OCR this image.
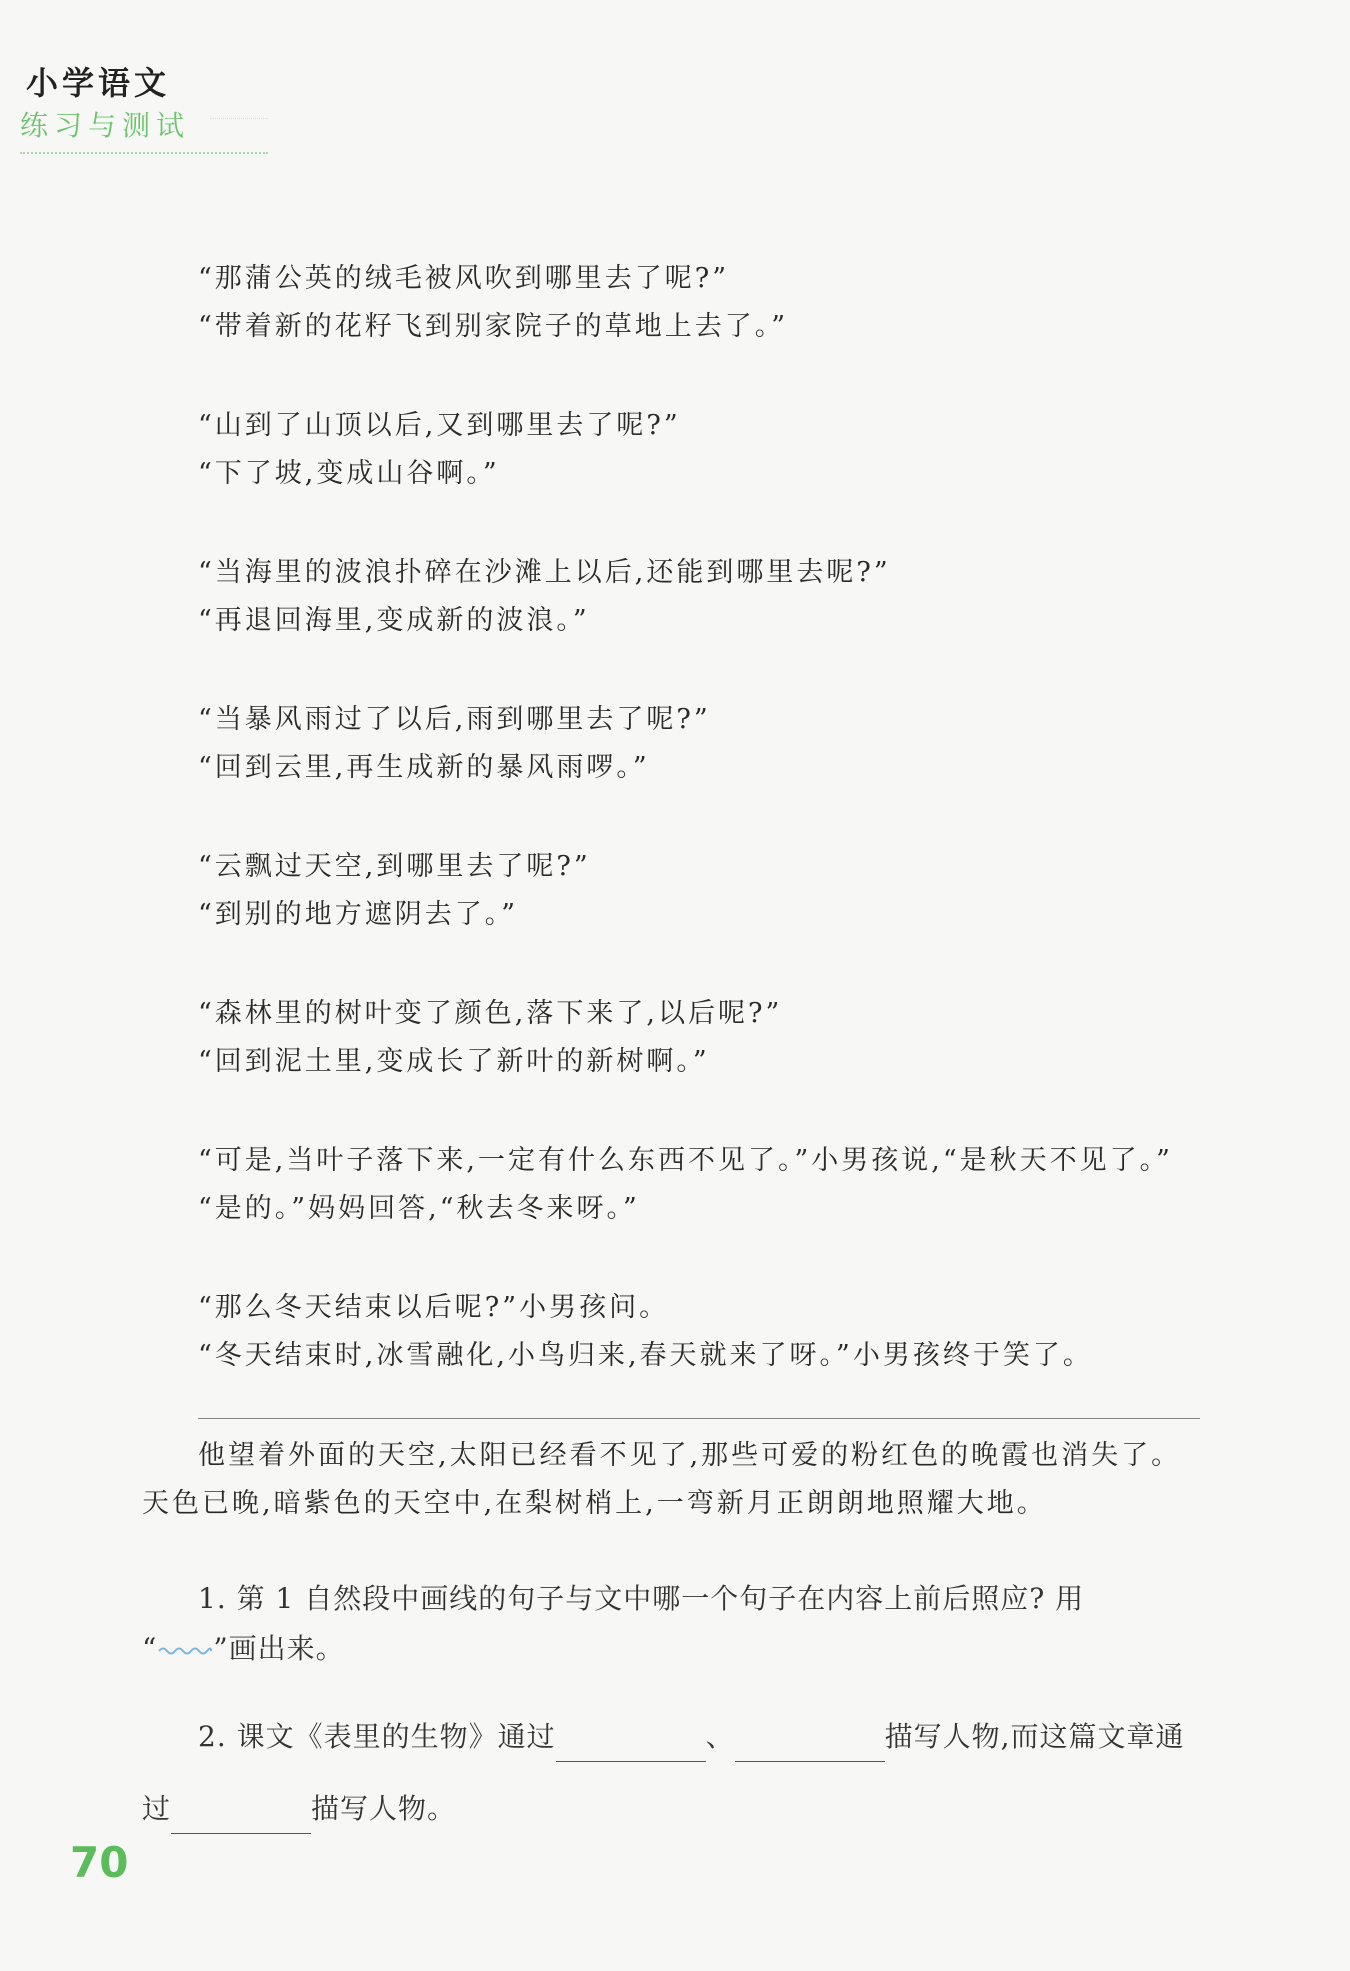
小学语文
练习与测试

“那蒲公英的绒毛被风吹到哪里去了呢?”

“带着新的花籽飞到别家院子的草地上去了。”

“山到了山顶以后,又到哪里去了呢?”

“下了坡,变成山谷啊。”

“当海里的波浪扑碎在沙滩上以后,还能到哪里去呢?”

“再退回海里,变成新的波浪。”

“当暴风雨过了以后,雨到哪里去了呢?”

“回到云里,再生成新的暴风雨啰。”

“云飘过天空,到哪里去了呢?”

“到别的地方遮阴去了。”

“森林里的树叶变了颜色,落下来了,以后呢?”

“回到泥土里,变成长了新叶的新树啊。”

“可是,当叶子落下来,一定有什么东西不见了。”小男孩说,“是秋天不见了。”

“是的。”妈妈回答,“秋去冬来呀。”

“那么冬天结束以后呢?”小男孩问。

“冬天结束时,冰雪融化,小鸟归来,春天就来了呀。”小男孩终于笑了。

他望着外面的天空,太阳已经看不见了,那些可爱的粉红色的晚霞也消失了。

天色已晚,暗紫色的天空中,在梨树梢上,一弯新月正朗朗地照耀大地。

1. 第 1 自然段中画线的句子与文中哪一个句子在内容上前后照应? 用

“ ”画出来。

2. 课文《表里的生物》通过	、	描写人物,而这篇文章通

过	描写人物。

70
